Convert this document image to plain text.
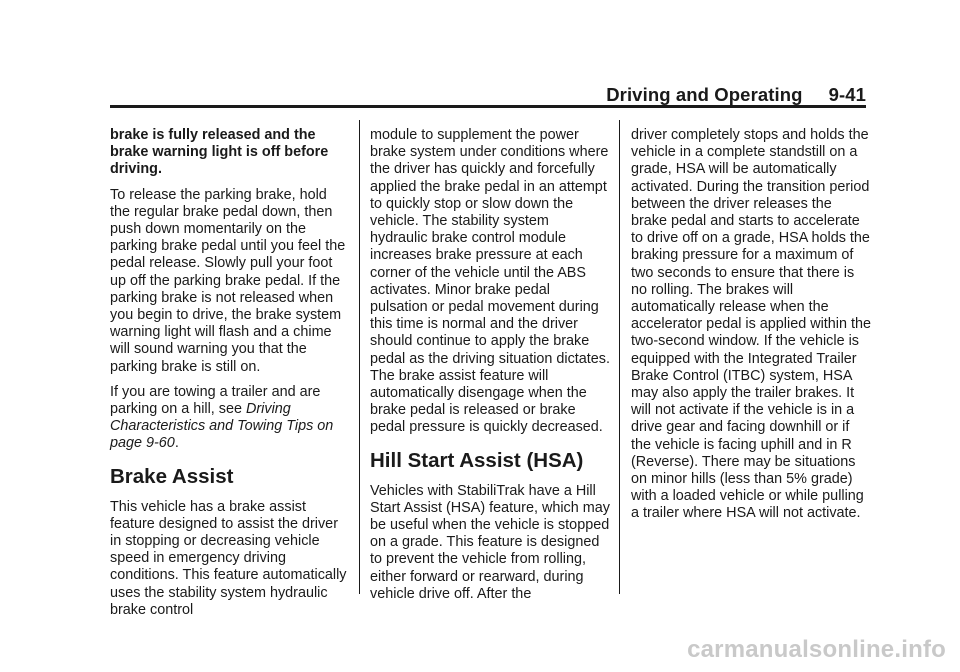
Driving and Operating 9-41

brake is fully released and the brake warning light is off before driving.

To release the parking brake, hold the regular brake pedal down, then push down momentarily on the parking brake pedal until you feel the pedal release. Slowly pull your foot up off the parking brake pedal. If the parking brake is not released when you begin to drive, the brake system warning light will flash and a chime will sound warning you that the parking brake is still on.

If you are towing a trailer and are parking on a hill, see Driving Characteristics and Towing Tips on page 9-60.

Brake Assist

This vehicle has a brake assist feature designed to assist the driver in stopping or decreasing vehicle speed in emergency driving conditions. This feature automatically uses the stability system hydraulic brake control

module to supplement the power brake system under conditions where the driver has quickly and forcefully applied the brake pedal in an attempt to quickly stop or slow down the vehicle. The stability system hydraulic brake control module increases brake pressure at each corner of the vehicle until the ABS activates. Minor brake pedal pulsation or pedal movement during this time is normal and the driver should continue to apply the brake pedal as the driving situation dictates. The brake assist feature will automatically disengage when the brake pedal is released or brake pedal pressure is quickly decreased.

Hill Start Assist (HSA)

Vehicles with StabiliTrak have a Hill Start Assist (HSA) feature, which may be useful when the vehicle is stopped on a grade. This feature is designed to prevent the vehicle from rolling, either forward or rearward, during vehicle drive off. After the

driver completely stops and holds the vehicle in a complete standstill on a grade, HSA will be automatically activated. During the transition period between the driver releases the brake pedal and starts to accelerate to drive off on a grade, HSA holds the braking pressure for a maximum of two seconds to ensure that there is no rolling. The brakes will automatically release when the accelerator pedal is applied within the two-second window. If the vehicle is equipped with the Integrated Trailer Brake Control (ITBC) system, HSA may also apply the trailer brakes. It will not activate if the vehicle is in a drive gear and facing downhill or if the vehicle is facing uphill and in R (Reverse). There may be situations on minor hills (less than 5% grade) with a loaded vehicle or while pulling a trailer where HSA will not activate.

carmanualsonline.info
